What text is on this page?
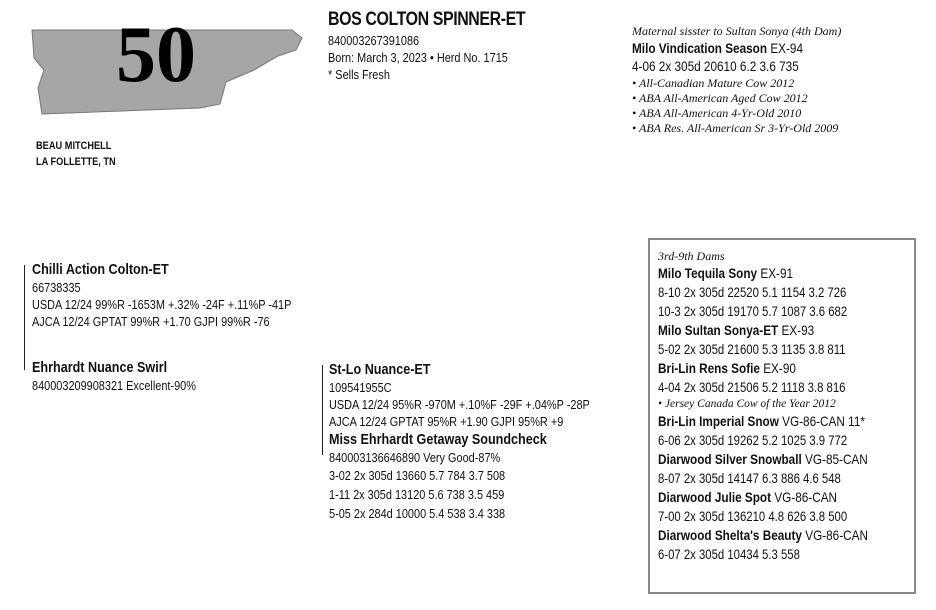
50
BEAU MITCHELL
LA FOLLETTE, TN
BOS COLTON SPINNER-ET
840003267391086
Born: March 3, 2023 • Herd No. 1715
* Sells Fresh
Maternal sisster to Sultan Sonya (4th Dam)
Milo Vindication Season EX-94
4-06 2x 305d 20610 6.2 3.6 735
• All-Canadian Mature Cow 2012
• ABA All-American Aged Cow 2012
• ABA All-American 4-Yr-Old 2010
• ABA Res. All-American Sr 3-Yr-Old 2009
Chilli Action Colton-ET
66738335
USDA 12/24 99%R -1653M +.32% -24F +.11%P -41P
AJCA 12/24 GPTAT 99%R +1.70 GJPI 99%R -76
Ehrhardt Nuance Swirl
840003209908321 Excellent-90%
St-Lo Nuance-ET
109541955C
USDA 12/24 95%R -970M +.10%F -29F +.04%P -28P
AJCA 12/24 GPTAT 95%R +1.90 GJPI 95%R +9
Miss Ehrhardt Getaway Soundcheck
840003136646890 Very Good-87%
3-02 2x 305d 13660 5.7 784 3.7 508
1-11 2x 305d 13120 5.6 738 3.5 459
5-05 2x 284d 10000 5.4 538 3.4 338
3rd-9th Dams
Milo Tequila Sony EX-91
8-10 2x 305d 22520 5.1 1154 3.2 726
10-3 2x 305d 19170 5.7 1087 3.6 682
Milo Sultan Sonya-ET EX-93
5-02 2x 305d 21600 5.3 1135 3.8 811
Bri-Lin Rens Sofie EX-90
4-04 2x 305d 21506 5.2 1118 3.8 816
• Jersey Canada Cow of the Year 2012
Bri-Lin Imperial Snow VG-86-CAN 11*
6-06 2x 305d 19262 5.2 1025 3.9 772
Diarwood Silver Snowball VG-85-CAN
8-07 2x 305d 14147 6.3 886 4.6 548
Diarwood Julie Spot VG-86-CAN
7-00 2x 305d 136210 4.8 626 3.8 500
Diarwood Shelta's Beauty VG-86-CAN
6-07 2x 305d 10434 5.3 558
